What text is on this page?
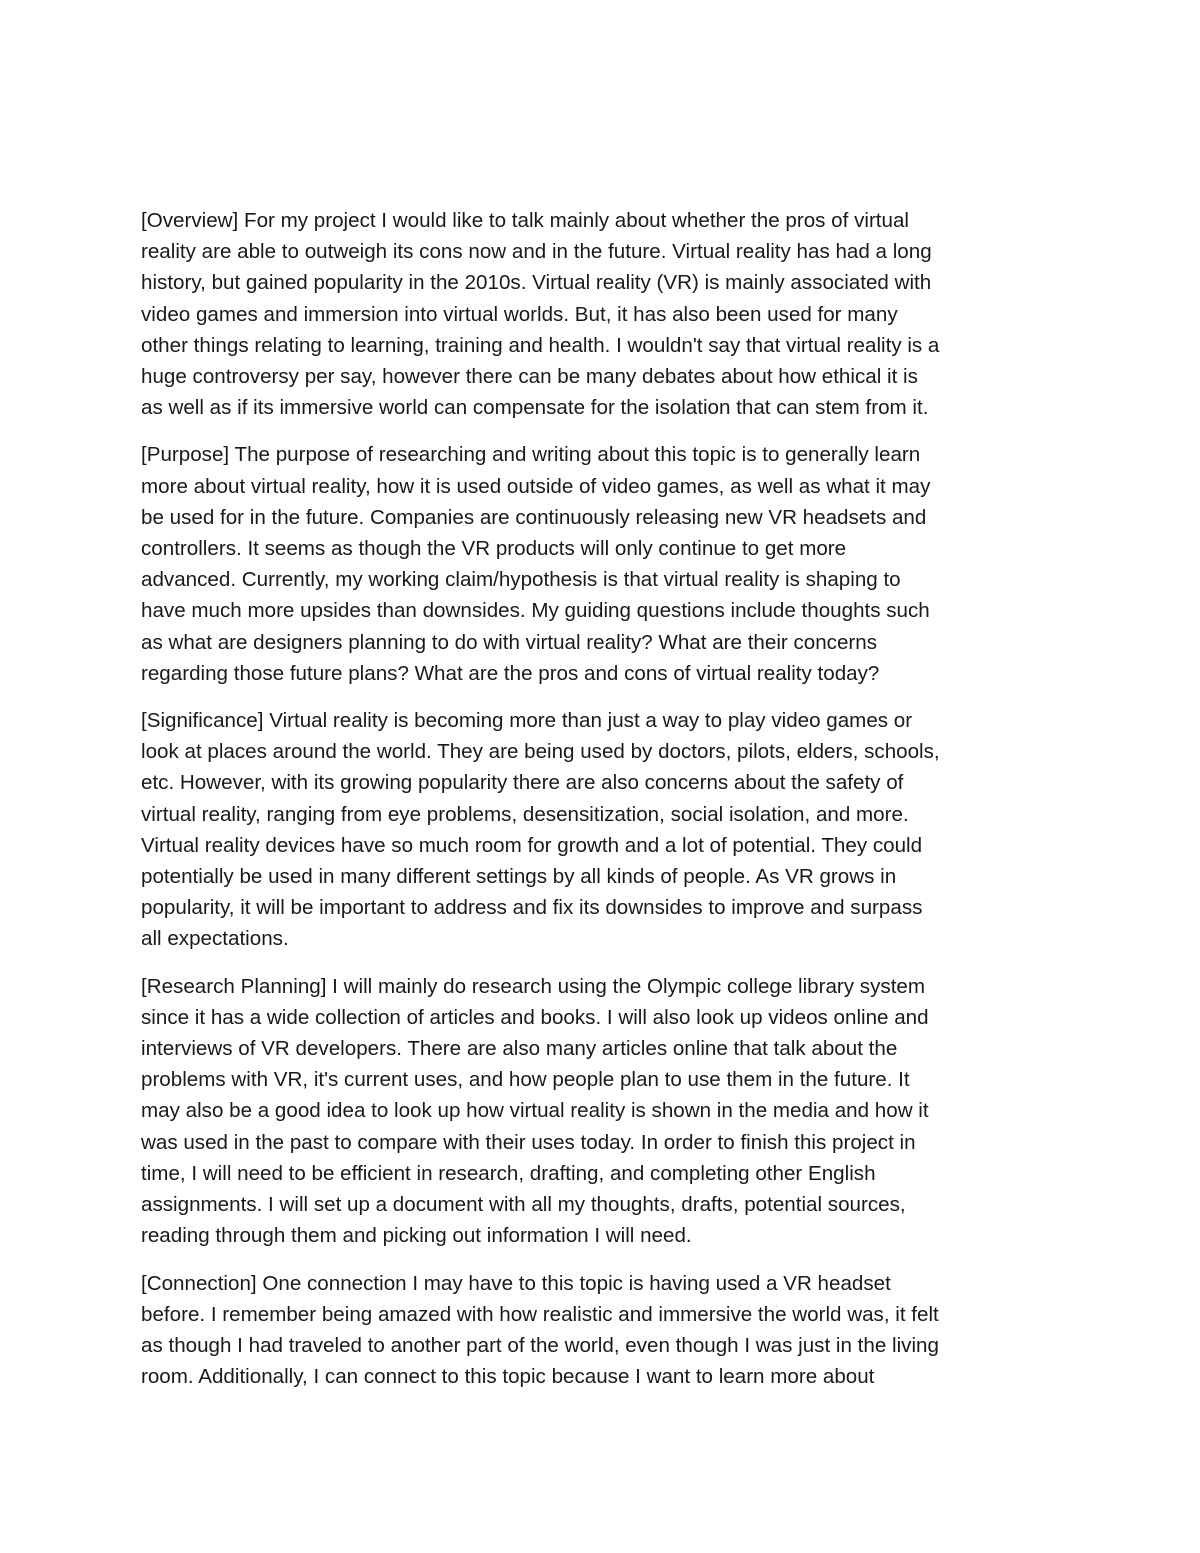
[Overview] For my project I would like to talk mainly about whether the pros of virtual
reality are able to outweigh its cons now and in the future. Virtual reality has had a long
history, but gained popularity in the 2010s. Virtual reality (VR) is mainly associated with
video games and immersion into virtual worlds. But, it has also been used for many
other things relating to learning, training and health. I wouldn't say that virtual reality is a
huge controversy per say, however there can be many debates about how ethical it is
as well as if its immersive world can compensate for the isolation that can stem from it.

[Purpose] The purpose of researching and writing about this topic is to generally learn
more about virtual reality, how it is used outside of video games, as well as what it may
be used for in the future. Companies are continuously releasing new VR headsets and
controllers. It seems as though the VR products will only continue to get more
advanced. Currently, my working claim/hypothesis is that virtual reality is shaping to
have much more upsides than downsides. My guiding questions include thoughts such
as what are designers planning to do with virtual reality? What are their concerns
regarding those future plans? What are the pros and cons of virtual reality today?

[Significance] Virtual reality is becoming more than just a way to play video games or
look at places around the world. They are being used by doctors, pilots, elders, schools,
etc. However, with its growing popularity there are also concerns about the safety of
virtual reality, ranging from eye problems, desensitization, social isolation, and more.
Virtual reality devices have so much room for growth and a lot of potential. They could
potentially be used in many different settings by all kinds of people. As VR grows in
popularity, it will be important to address and fix its downsides to improve and surpass
all expectations.

[Research Planning] I will mainly do research using the Olympic college library system
since it has a wide collection of articles and books. I will also look up videos online and
interviews of VR developers. There are also many articles online that talk about the
problems with VR, it's current uses, and how people plan to use them in the future. It
may also be a good idea to look up how virtual reality is shown in the media and how it
was used in the past to compare with their uses today. In order to finish this project in
time, I will need to be efficient in research, drafting, and completing other English
assignments. I will set up a document with all my thoughts, drafts, potential sources,
reading through them and picking out information I will need.

[Connection] One connection I may have to this topic is having used a VR headset
before. I remember being amazed with how realistic and immersive the world was, it felt
as though I had traveled to another part of the world, even though I was just in the living
room. Additionally, I can connect to this topic because I want to learn more about
